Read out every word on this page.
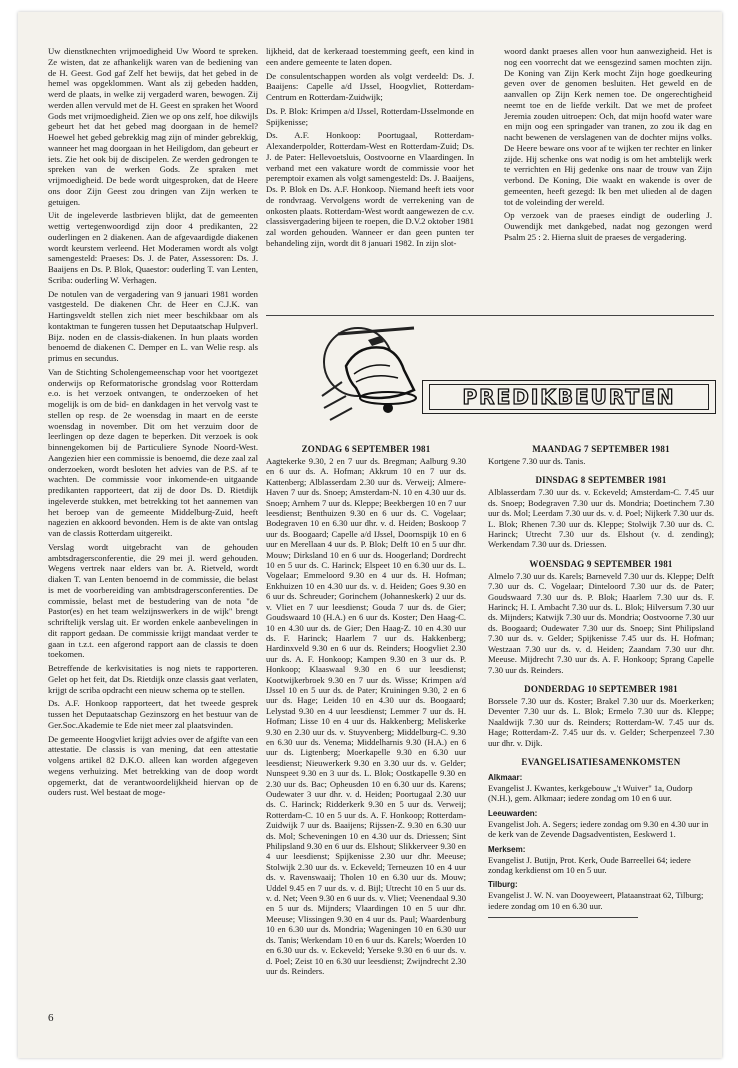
Uw dienstknechten vrijmoedigheid Uw Woord te spreken. Ze wisten, dat ze afhankelijk waren van de bediening van de H. Geest. God gaf Zelf het bewijs, dat het gebed in de hemel was opgeklommen. Want als zij gebeden hadden, werd de plaats, in welke zij vergaderd waren, bewogen. Zij werden allen vervuld met de H. Geest en spraken het Woord Gods met vrijmoedigheid. Zien we op ons zelf, hoe dikwijls gebeurt het dat het gebed mag doorgaan in de hemel? Hoewel het gebed gebrekkig mag zijn of minder gebrekkig, wanneer het mag doorgaan in het Heiligdom, dan gebeurt er iets. Zie het ook bij de discipelen. Ze werden gedrongen te spreken van de werken Gods. Ze spraken met vrijmoedigheid. De bede wordt uitgesproken, dat de Heere ons door Zijn Geest zou dringen van Zijn werken te getuigen.

Uit de ingeleverde lastbrieven blijkt, dat de gemeenten wettig vertegenwoordigd zijn door 4 predikanten, 22 ouderlingen en 2 diakenen. Aan de afgevaardigde diakenen wordt keurstem verleend. Het Moderamen wordt als volgt samengesteld: Praeses: Ds. J. de Pater, Assessoren: Ds. J. Baaijens en Ds. P. Blok, Quaestor: ouderling T. van Lenten, Scriba: ouderling W. Verhagen.

De notulen van de vergadering van 9 januari 1981 worden vastgesteld. De diakenen Chr. de Heer en C.J.K. van Hartingsveldt stellen zich niet meer beschikbaar om als kontaktman te fungeren tussen het Deputaatschap Hulpverl. Bijz. noden en de classis-diakenen. In hun plaats worden benoemd de diakenen C. Demper en L. van Welie resp. als primus en secundus.

Van de Stichting Scholengemeenschap voor het voortgezet onderwijs op Reformatorische grondslag voor Rotterdam e.o. is het verzoek ontvangen, te onderzoeken of het mogelijk is om de bid- en dankdagen in het vervolg vast te stellen op resp. de 2e woensdag in maart en de eerste woensdag in november. Dit om het verzuim door de leerlingen op deze dagen te beperken. Dit verzoek is ook binnengekomen bij de Particuliere Synode Noord-West. Aangezien hier een commissie is benoemd, die deze zaal zal onderzoeken, wordt besloten het advies van de P.S. af te wachten. De commissie voor inkomende-en uitgaande predikanten rapporteert, dat zij de door Ds. D. Rietdijk ingeleverde stukken, met betrekking tot het aannemen van het beroep van de gemeente Middelburg-Zuid, heeft nagezien en akkoord bevonden. Hem is de akte van ontslag van de classis Rotterdam uitgereikt.

Verslag wordt uitgebracht van de gehouden ambtsdragersconferentie, die 29 mei jl. werd gehouden. Wegens vertrek naar elders van br. A. Rietveld, wordt diaken T. van Lenten benoemd in de commissie, die belast is met de voorbereiding van ambtsdragersconferenties. De commissie, belast met de bestudering van de nota "de Pastor(es) en het team welzijnswerkers in de wijk" brengt schriftelijk verslag uit. Er worden enkele aanbevelingen in dit rapport gedaan. De commissie krijgt mandaat verder te gaan in t.z.t. een afgerond rapport aan de classis te doen toekomen.

Betreffende de kerkvisitaties is nog niets te rapporteren. Gelet op het feit, dat Ds. Rietdijk onze classis gaat verlaten, krijgt de scriba opdracht een nieuw schema op te stellen.

Ds. A.F. Honkoop rapporteert, dat het tweede gesprek tussen het Deputaatschap Gezinszorg en het bestuur van de Ger.Soc.Akademie te Ede niet meer zal plaatsvinden.

De gemeente Hoogvliet krijgt advies over de afgifte van een attestatie. De classis is van mening, dat een attestatie volgens artikel 82 D.K.O. alleen kan worden afgegeven wegens verhuizing. Met betrekking van de doop wordt opgemerkt, dat de verantwoordelijkheid hiervan op de ouders rust. Wel bestaat de moge-

lijkheid, dat de kerkeraad toestemming geeft, een kind in een andere gemeente te laten dopen.

De consulentschappen worden als volgt verdeeld: Ds. J. Baaijens: Capelle a/d IJssel, Hoogvliet, Rotterdam-Centrum en Rotterdam-Zuidwijk;

Ds. P. Blok: Krimpen a/d IJssel, Rotterdam-IJsselmonde en Spijkenisse;

Ds. A.F. Honkoop: Poortugaal, Rotterdam-Alexanderpolder, Rotterdam-West en Rotterdam-Zuid; Ds. J. de Pater: Hellevoetsluis, Oostvoorne en Vlaardingen. In verband met een vakature wordt de commissie voor het peremptoir examen als volgt samengesteld: Ds. J. Baaijens, Ds. P. Blok en Ds. A.F. Honkoop. Niemand heeft iets voor de rondvraag. Vervolgens wordt de verrekening van de onkosten plaats. Rotterdam-West wordt aangewezen de c.v. classisvergadering bijeen te roepen, die D.V.2 oktober 1981 zal worden gehouden. Wanneer er dan geen punten ter behandeling zijn, wordt dit 8 januari 1982. In zijn slot-

woord dankt praeses allen voor hun aanwezigheid. Het is nog een voorrecht dat we eensgezind samen mochten zijn. De Koning van Zijn Kerk mocht Zijn hoge goedkeuring geven over de genomen besluiten. Het geweld en de aanvallen op Zijn Kerk nemen toe. De ongerechtigheid neemt toe en de liefde verkilt. Dat we met de profeet Jeremia zouden uitroepen: Och, dat mijn hoofd water ware en mijn oog een springader van tranen, zo zou ik dag en nacht bewenen de verslagenen van de dochter mijns volks. De Heere beware ons voor af te wijken ter rechter en linker zijde. Hij schenke ons wat nodig is om het ambtelijk werk te verrichten en Hij gedenke ons naar de trouw van Zijn verbond. De Koning, Die waakt en wakende is over de gemeenten, heeft gezegd: Ik ben met ulieden al de dagen tot de voleinding der wereld.

Op verzoek van de praeses eindigt de ouderling J. Ouwendijk met dankgebed, nadat nog gezongen werd Psalm 25 : 2. Hierna sluit de praeses de vergadering.

PREDIKBEURTEN
ZONDAG 6 SEPTEMBER 1981
Aagtekerke 9.30, 2 en 7 uur ds. Bregman; Aalburg 9.30 en 6 uur ds. A. Hofman; Akkrum 10 en 7 uur ds. Kattenberg; Alblasserdam 2.30 uur ds. Verweij; Almere-Haven 7 uur ds. Snoep; Amsterdam-N. 10 en 4.30 uur ds. Snoep; Arnhem 7 uur ds. Kleppe; Beekbergen 10 en 7 uur leesdienst; Benthuizen 9.30 en 6 uur ds. C. Vogelaar; Bodegraven 10 en 6.30 uur dhr. v. d. Heiden; Boskoop 7 uur ds. Boogaard; Capelle a/d IJssel, Doornspijk 10 en 6 uur en Merellaan 4 uur ds. P. Blok; Delft 10 en 5 uur dhr. Mouw; Dirksland 10 en 6 uur ds. Hoogerland; Dordrecht 10 en 5 uur ds. C. Harinck; Elspeet 10 en 6.30 uur ds. L. Vogelaar; Emmeloord 9.30 en 4 uur ds. H. Hofman; Enkhuizen 10 en 4.30 uur ds. v. d. Heiden; Goes 9.30 en 6 uur ds. Schreuder; Gorinchem (Johanneskerk) 2 uur ds. v. Vliet en 7 uur leesdienst; Gouda 7 uur ds. de Gier; Goudswaard 10 (H.A.) en 6 uur ds. Koster; Den Haag-C. 10 en 4.30 uur ds. de Gier; Den Haag-Z. 10 en 4.30 uur ds. F. Harinck; Haarlem 7 uur ds. Hakkenberg; Hardinxveld 9.30 en 6 uur ds. Reinders; Hoogvliet 2.30 uur ds. A. F. Honkoop; Kampen 9.30 en 3 uur ds. P. Honkoop; Klaaswaal 9.30 en 6 uur leesdienst; Kootwijkerbroek 9.30 en 7 uur ds. Wisse; Krimpen a/d IJssel 10 en 5 uur ds. de Pater; Kruiningen 9.30, 2 en 6 uur ds. Hage; Leiden 10 en 4.30 uur ds. Boogaard; Lelystad 9.30 en 4 uur leesdienst; Lemmer 7 uur ds. H. Hofman; Lisse 10 en 4 uur ds. Hakkenberg; Meliskerke 9.30 en 2.30 uur ds. v. Stuyvenberg; Middelburg-C. 9.30 en 6.30 uur ds. Venema; Middelharnis 9.30 (H.A.) en 6 uur ds. Ligtenberg; Moerkapelle 9.30 en 6.30 uur leesdienst; Nieuwerkerk 9.30 en 3.30 uur ds. v. Gelder; Nunspeet 9.30 en 3 uur ds. L. Blok; Oostkapelle 9.30 en 2.30 uur ds. Bac; Opheusden 10 en 6.30 uur ds. Karens; Oudewater 3 uur dhr. v. d. Heiden; Poortugaal 2.30 uur ds. C. Harinck; Ridderkerk 9.30 en 5 uur ds. Verweij; Rotterdam-C. 10 en 5 uur ds. A. F. Honkoop; Rotterdam-Zuidwijk 7 uur ds. Baaijens; Rijssen-Z. 9.30 en 6.30 uur ds. Mol; Scheveningen 10 en 4.30 uur ds. Driessen; Sint Philipsland 9.30 en 6 uur ds. Elshout; Slikkerveer 9.30 en 4 uur leesdienst; Spijkenisse 2.30 uur dhr. Meeuse; Stolwijk 2.30 uur ds. v. Eckeveld; Terneuzen 10 en 4 uur ds. v. Ravenswaaij; Tholen 10 en 6.30 uur ds. Mouw; Uddel 9.45 en 7 uur ds. v. d. Bijl; Utrecht 10 en 5 uur ds. v. d. Net; Veen 9.30 en 6 uur ds. v. Vliet; Veenendaal 9.30 en 5 uur ds. Mijnders; Vlaardingen 10 en 5 uur dhr. Meeuse; Vlissingen 9.30 en 4 uur ds. Paul; Waardenburg 10 en 6.30 uur ds. Mondria; Wageningen 10 en 6.30 uur ds. Tanis; Werkendam 10 en 6 uur ds. Karels; Woerden 10 en 6.30 uur ds. v. Eckeveld; Yerseke 9.30 en 6 uur ds. v. d. Poel; Zeist 10 en 6.30 uur leesdienst; Zwijndrecht 2.30 uur ds. Reinders.
MAANDAG 7 SEPTEMBER 1981
Kortgene 7.30 uur ds. Tanis.
DINSDAG 8 SEPTEMBER 1981
Alblasserdam 7.30 uur ds. v. Eckeveld; Amsterdam-C. 7.45 uur ds. Snoep; Bodegraven 7.30 uur ds. Mondria; Doetinchem 7.30 uur ds. Mol; Leerdam 7.30 uur ds. v. d. Poel; Nijkerk 7.30 uur ds. L. Blok; Rhenen 7.30 uur ds. Kleppe; Stolwijk 7.30 uur ds. C. Harinck; Utrecht 7.30 uur ds. Elshout (v. d. zending); Werkendam 7.30 uur ds. Driessen.
WOENSDAG 9 SEPTEMBER 1981
Almelo 7.30 uur ds. Karels; Barneveld 7.30 uur ds. Kleppe; Delft 7.30 uur ds. C. Vogelaar; Dinteloord 7.30 uur ds. de Pater; Goudswaard 7.30 uur ds. P. Blok; Haarlem 7.30 uur ds. F. Harinck; H. I. Ambacht 7.30 uur ds. L. Blok; Hilversum 7.30 uur ds. Mijnders; Katwijk 7.30 uur ds. Mondria; Oostvoorne 7.30 uur ds. Boogaard; Oudewater 7.30 uur ds. Snoep; Sint Philipsland 7.30 uur ds. v. Gelder; Spijkenisse 7.45 uur ds. H. Hofman; Westzaan 7.30 uur ds. v. d. Heiden; Zaandam 7.30 uur dhr. Meeuse. Mijdrecht 7.30 uur ds. A. F. Honkoop; Sprang Capelle 7.30 uur ds. Reinders.
DONDERDAG 10 SEPTEMBER 1981
Borssele 7.30 uur ds. Koster; Brakel 7.30 uur ds. Moerkerken; Deventer 7.30 uur ds. L. Blok; Ermelo 7.30 uur ds. Kleppe; Naaldwijk 7.30 uur ds. Reinders; Rotterdam-W. 7.45 uur ds. Hage; Rotterdam-Z. 7.45 uur ds. v. Gelder; Scherpenzeel 7.30 uur dhr. v. Dijk.
EVANGELISATIESAMENKOMSTEN
Alkmaar:
Evangelist J. Kwantes, kerkgebouw „'t Wuiver" 1a, Oudorp (N.H.), gem. Alkmaar; iedere zondag om 10 en 6 uur.
Leeuwarden:
Evangelist Joh. A. Segers; iedere zondag om 9.30 en 4.30 uur in de kerk van de Zevende Dagsadventisten, Eeskwerd 1.
Merksem:
Evangelist J. Butijn, Prot. Kerk, Oude Barreellei 64; iedere zondag kerkdienst om 10 en 5 uur.
Tilburg:
Evangelist J. W. N. van Dooyeweert, Plataanstraat 62, Tilburg; iedere zondag om 10 en 6.30 uur.
6
